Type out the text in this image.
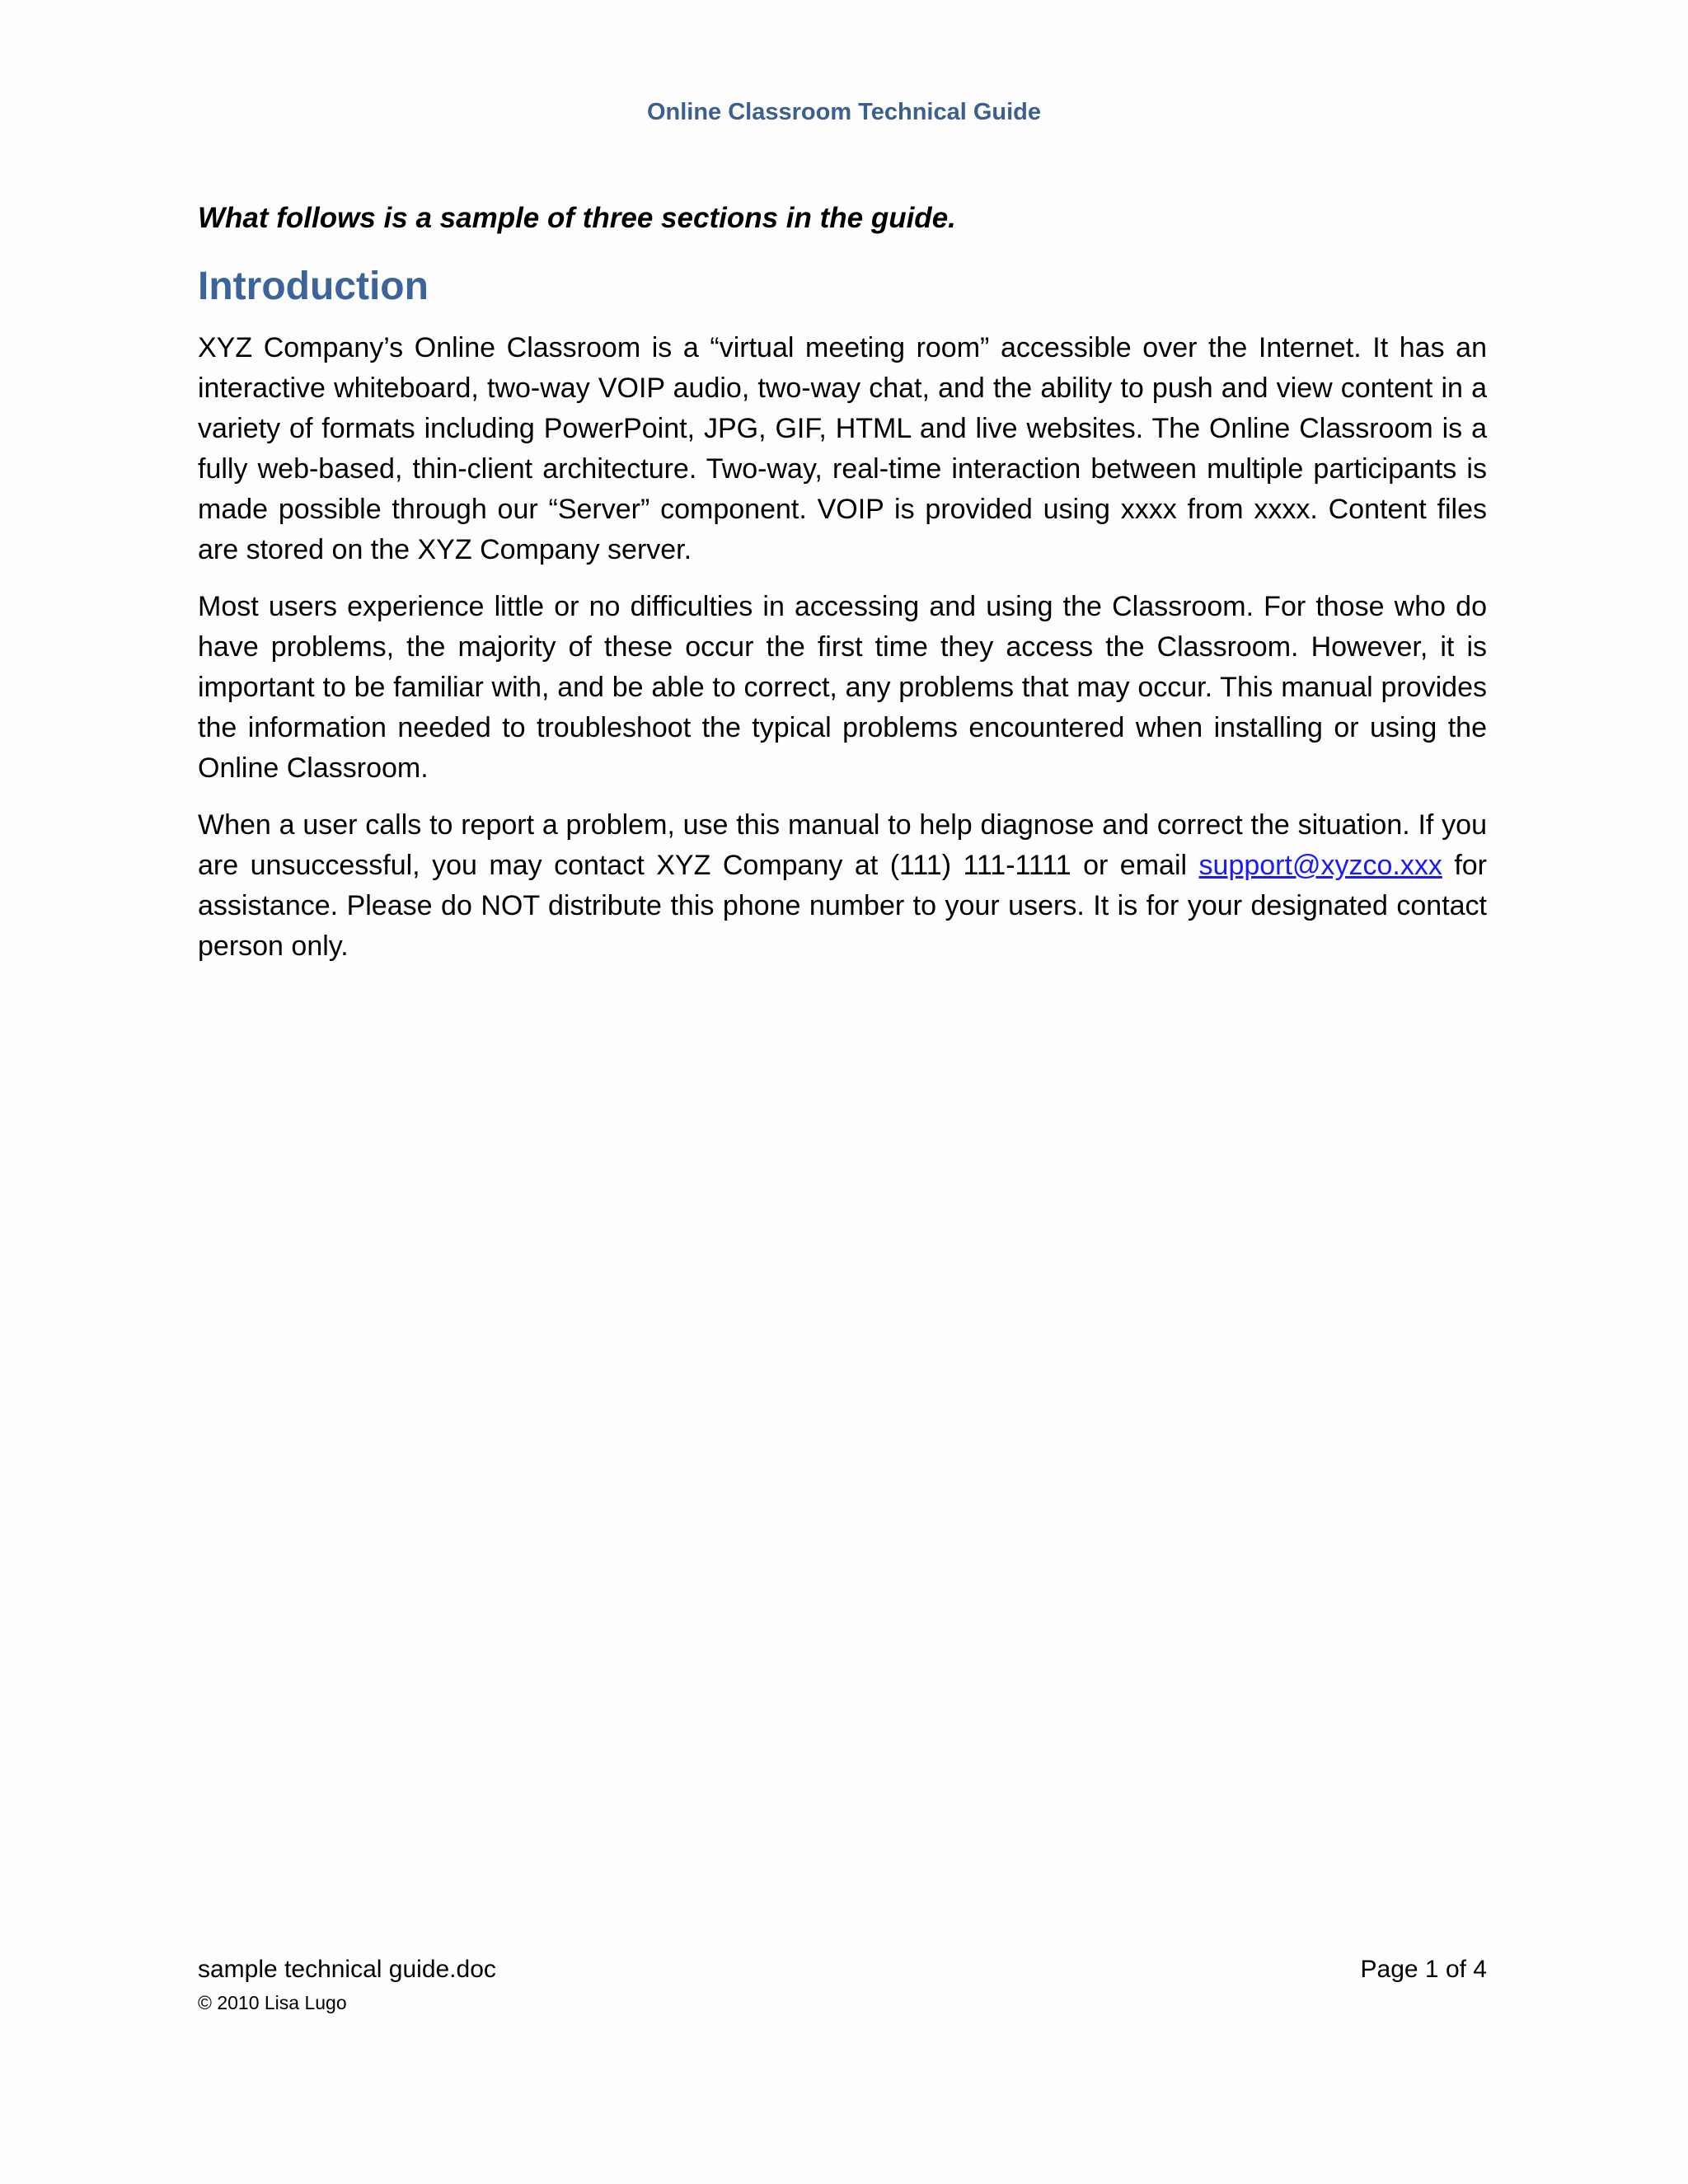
Online Classroom Technical Guide
What follows is a sample of three sections in the guide.
Introduction

XYZ Company’s Online Classroom is a “virtual meeting room” accessible over the Internet. It has an interactive whiteboard, two-way VOIP audio, two-way chat, and the ability to push and view content in a variety of formats including PowerPoint, JPG, GIF, HTML and live websites. The Online Classroom is a fully web-based, thin-client architecture. Two-way, real-time interaction between multiple participants is made possible through our “Server” component. VOIP is provided using xxxx from xxxx. Content files are stored on the XYZ Company server.

Most users experience little or no difficulties in accessing and using the Classroom. For those who do have problems, the majority of these occur the first time they access the Classroom. However, it is important to be familiar with, and be able to correct, any problems that may occur. This manual provides the information needed to troubleshoot the typical problems encountered when installing or using the Online Classroom.

When a user calls to report a problem, use this manual to help diagnose and correct the situation. If you are unsuccessful, you may contact XYZ Company at (111) 111-1111 or email support@xyzco.xxx for assistance. Please do NOT distribute this phone number to your users. It is for your designated contact person only.

sample technical guide.doc	Page 1 of 4
© 2010 Lisa Lugo
